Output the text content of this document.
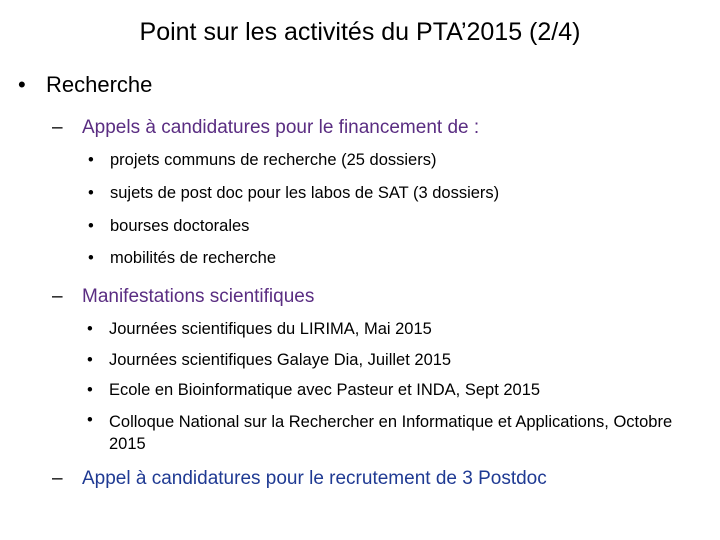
Point sur les activités du PTA’2015 (2/4)
• Recherche
– Appels à candidatures pour le financement de :
• projets communs de recherche (25 dossiers)
• sujets de post doc pour les labos de SAT (3 dossiers)
• bourses doctorales
• mobilités de recherche
– Manifestations scientifiques
• Journées scientifiques du LIRIMA, Mai 2015
• Journées scientifiques Galaye Dia, Juillet 2015
• Ecole en Bioinformatique avec Pasteur et INDA, Sept 2015
• Colloque National sur la Rechercher en Informatique et Applications, Octobre 2015
– Appel à candidatures pour le recrutement de 3 Postdoc
